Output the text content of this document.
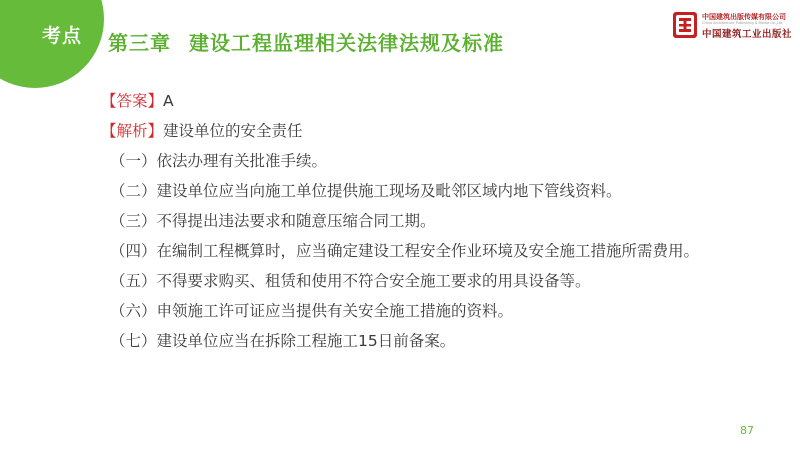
考点 第三章 建设工程监理相关法律法规及标准
中国建筑出版传媒有限公司
China Architecture Publishing & Media Co.,Ltd
中国建筑工业出版社

【答案】A

【解析】建设单位的安全责任

（一）依法办理有关批准手续。

（二）建设单位应当向施工单位提供施工现场及毗邻区域内地下管线资料。

（三）不得提出违法要求和随意压缩合同工期。

（四）在编制工程概算时，应当确定建设工程安全作业环境及安全施工措施所需费用。

（五）不得要求购买、租赁和使用不符合安全施工要求的用具设备等。

（六）申领施工许可证应当提供有关安全施工措施的资料。

（七）建设单位应当在拆除工程施工15日前备案。

87
